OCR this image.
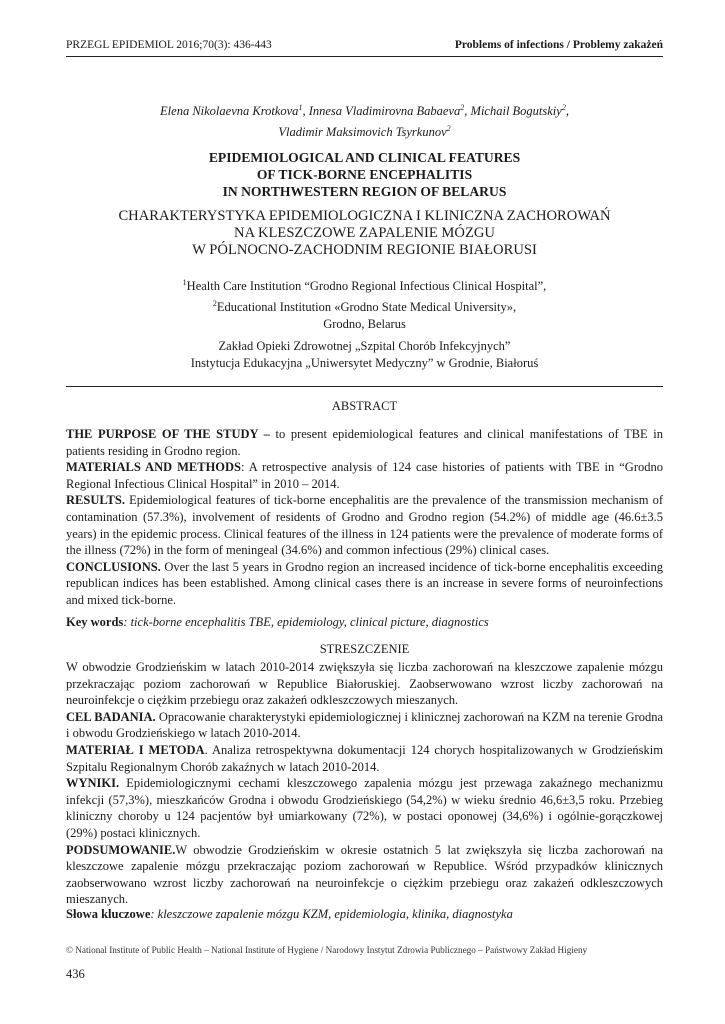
PRZEGL EPIDEMIOL 2016;70(3): 436-443	Problems of infections / Problemy zakażeń
Elena Nikolaevna Krotkova$^1$, Innesa Vladimirovna Babaeva$^2$, Michail Bogutskiy$^2$,
Vladimir Maksimovich Tsyrkunov$^2$
EPIDEMIOLOGICAL AND CLINICAL FEATURES
OF TICK-BORNE ENCEPHALITIS
IN NORTHWESTERN REGION OF BELARUS
CHARAKTERYSTYKA EPIDEMIOLOGICZNA I KLINICZNA ZACHOROWAŃ
NA KLESZCZOWE ZAPALENIE MÓZGU
W PÓLNOCNO-ZACHODNIM REGIONIE BIAŁORUSI
$^1$Health Care Institution “Grodno Regional Infectious Clinical Hospital”,
$^2$Educational Institution «Grodno State Medical University»,
Grodno, Belarus
Zakład Opieki Zdrowotnej „Szpital Chorób Infekcyjnych”
Instytucja Edukacyjna „Uniwersytet Medyczny” w Grodnie, Białoruś
ABSTRACT

THE PURPOSE OF THE STUDY – to present epidemiological features and clinical manifestations of TBE in patients residing in Grodno region.

MATERIALS AND METHODS: A retrospective analysis of 124 case histories of patients with TBE in “Grodno Regional Infectious Clinical Hospital” in 2010 – 2014.

RESULTS. Epidemiological features of tick-borne encephalitis are the prevalence of the transmission mechanism of contamination (57.3%), involvement of residents of Grodno and Grodno region (54.2%) of middle age (46.6±3.5 years) in the epidemic process. Clinical features of the illness in 124 patients were the prevalence of moderate forms of the illness (72%) in the form of meningeal (34.6%) and common infectious (29%) clinical cases.

CONCLUSIONS. Over the last 5 years in Grodno region an increased incidence of tick-borne encephalitis exceeding republican indices has been established. Among clinical cases there is an increase in severe forms of neuroinfections and mixed tick-borne.

Key words: tick-borne encephalitis TBE, epidemiology, clinical picture, diagnostics
STRESZCZENIE

W obwodzie Grodzieńskim w latach 2010-2014 zwiększyła się liczba zachorowań na kleszczowe zapalenie mózgu przekraczając poziom zachorowań w Republice Białoruskiej. Zaobserwowano wzrost liczby zachorowań na neuroinfekcje o ciężkim przebiegu oraz zakażeń odkleszczowych mieszanych.

CEL BADANIA. Opracowanie charakterystyki epidemiologicznej i klinicznej zachorowań na KZM na terenie Grodna i obwodu Grodzieńskiego w latach 2010-2014.

MATERIAŁ I METODA. Analiza retrospektywna dokumentacji 124 chorych hospitalizowanych w Grodzieńskim Szpitalu Regionalnym Chorób zakaźnych w latach 2010-2014.

WYNIKI. Epidemiologicznymi cechami kleszczowego zapalenia mózgu jest przewaga zakaźnego mechanizmu infekcji (57,3%), mieszkańców Grodna i obwodu Grodzieńskiego (54,2%) w wieku średnio 46,6±3,5 roku. Przebieg kliniczny choroby u 124 pacjentów był umiarkowany (72%), w postaci oponowej (34,6%) i ogólnie-gorączkowej (29%) postaci klinicznych.

PODSUMOWANIE.W obwodzie Grodzieńskim w okresie ostatnich 5 lat zwiększyła się liczba zachorowań na kleszczowe zapalenie mózgu przekraczając poziom zachorowań w Republice. Wśród przypadków klinicznych zaobserwowano wzrost liczby zachorowań na neuroinfekcje o ciężkim przebiegu oraz zakażeń odkleszczowych mieszanych.

Słowa kluczowe: kleszczowe zapalenie mózgu KZM, epidemiologia, klinika, diagnostyka
© National Institute of Public Health – National Institute of Hygiene / Narodowy Instytut Zdrowia Publicznego – Państwowy Zakład Higieny
436
